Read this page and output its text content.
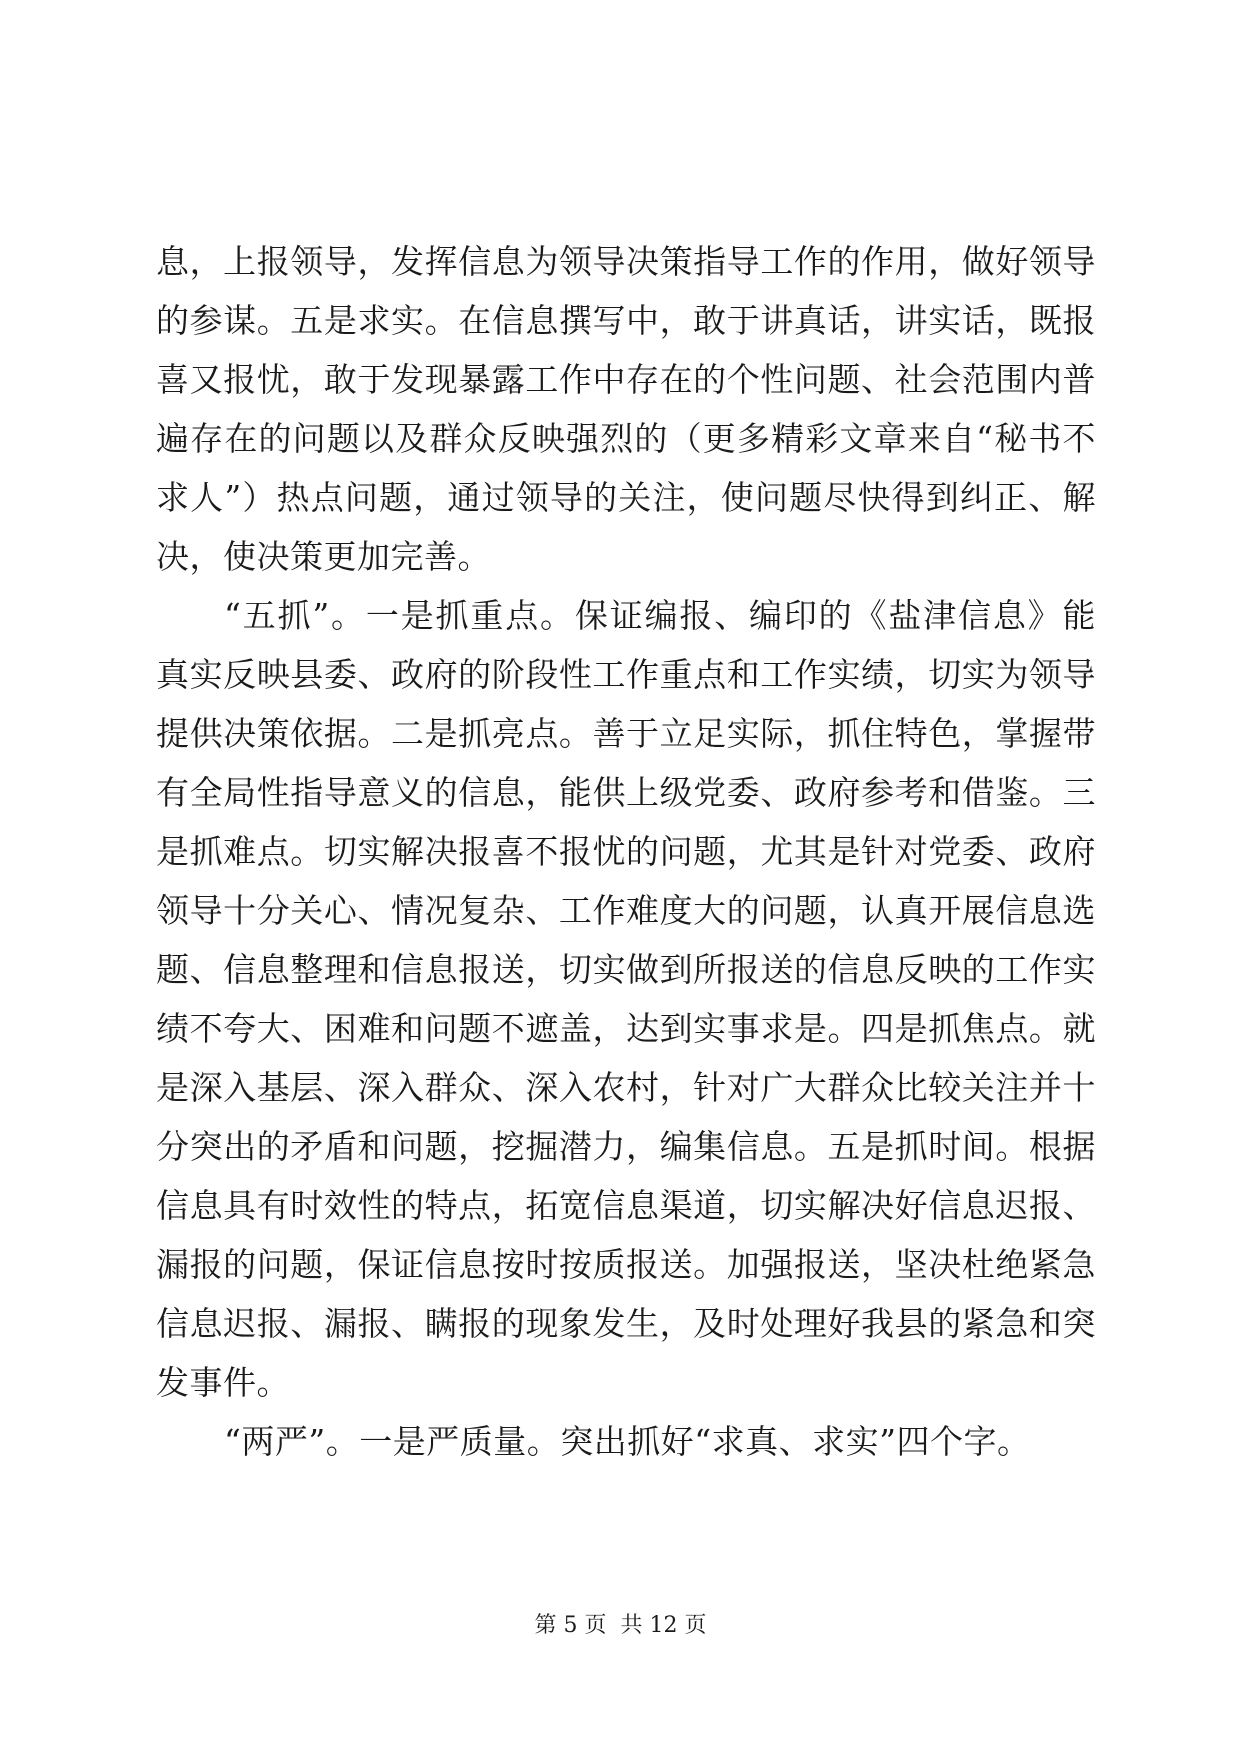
息，上报领导，发挥信息为领导决策指导工作的作用，做好领导
的参谋。五是求实。在信息撰写中，敢于讲真话，讲实话，既报
喜又报忧，敢于发现暴露工作中存在的个性问题、社会范围内普
遍存在的问题以及群众反映强烈的（更多精彩文章来自“秘书不
求人”）热点问题，通过领导的关注，使问题尽快得到纠正、解
决，使决策更加完善。
“五抓”。一是抓重点。保证编报、编印的《盐津信息》能
真实反映县委、政府的阶段性工作重点和工作实绩，切实为领导
提供决策依据。二是抓亮点。善于立足实际，抓住特色，掌握带
有全局性指导意义的信息，能供上级党委、政府参考和借鉴。三
是抓难点。切实解决报喜不报忧的问题，尤其是针对党委、政府
领导十分关心、情况复杂、工作难度大的问题，认真开展信息选
题、信息整理和信息报送，切实做到所报送的信息反映的工作实
绩不夸大、困难和问题不遮盖，达到实事求是。四是抓焦点。就
是深入基层、深入群众、深入农村，针对广大群众比较关注并十
分突出的矛盾和问题，挖掘潜力，编集信息。五是抓时间。根据
信息具有时效性的特点，拓宽信息渠道，切实解决好信息迟报、
漏报的问题，保证信息按时按质报送。加强报送，坚决杜绝紧急
信息迟报、漏报、瞒报的现象发生，及时处理好我县的紧急和突
发事件。
“两严”。一是严质量。突出抓好“求真、求实”四个字。
第 5 页  共 12 页
